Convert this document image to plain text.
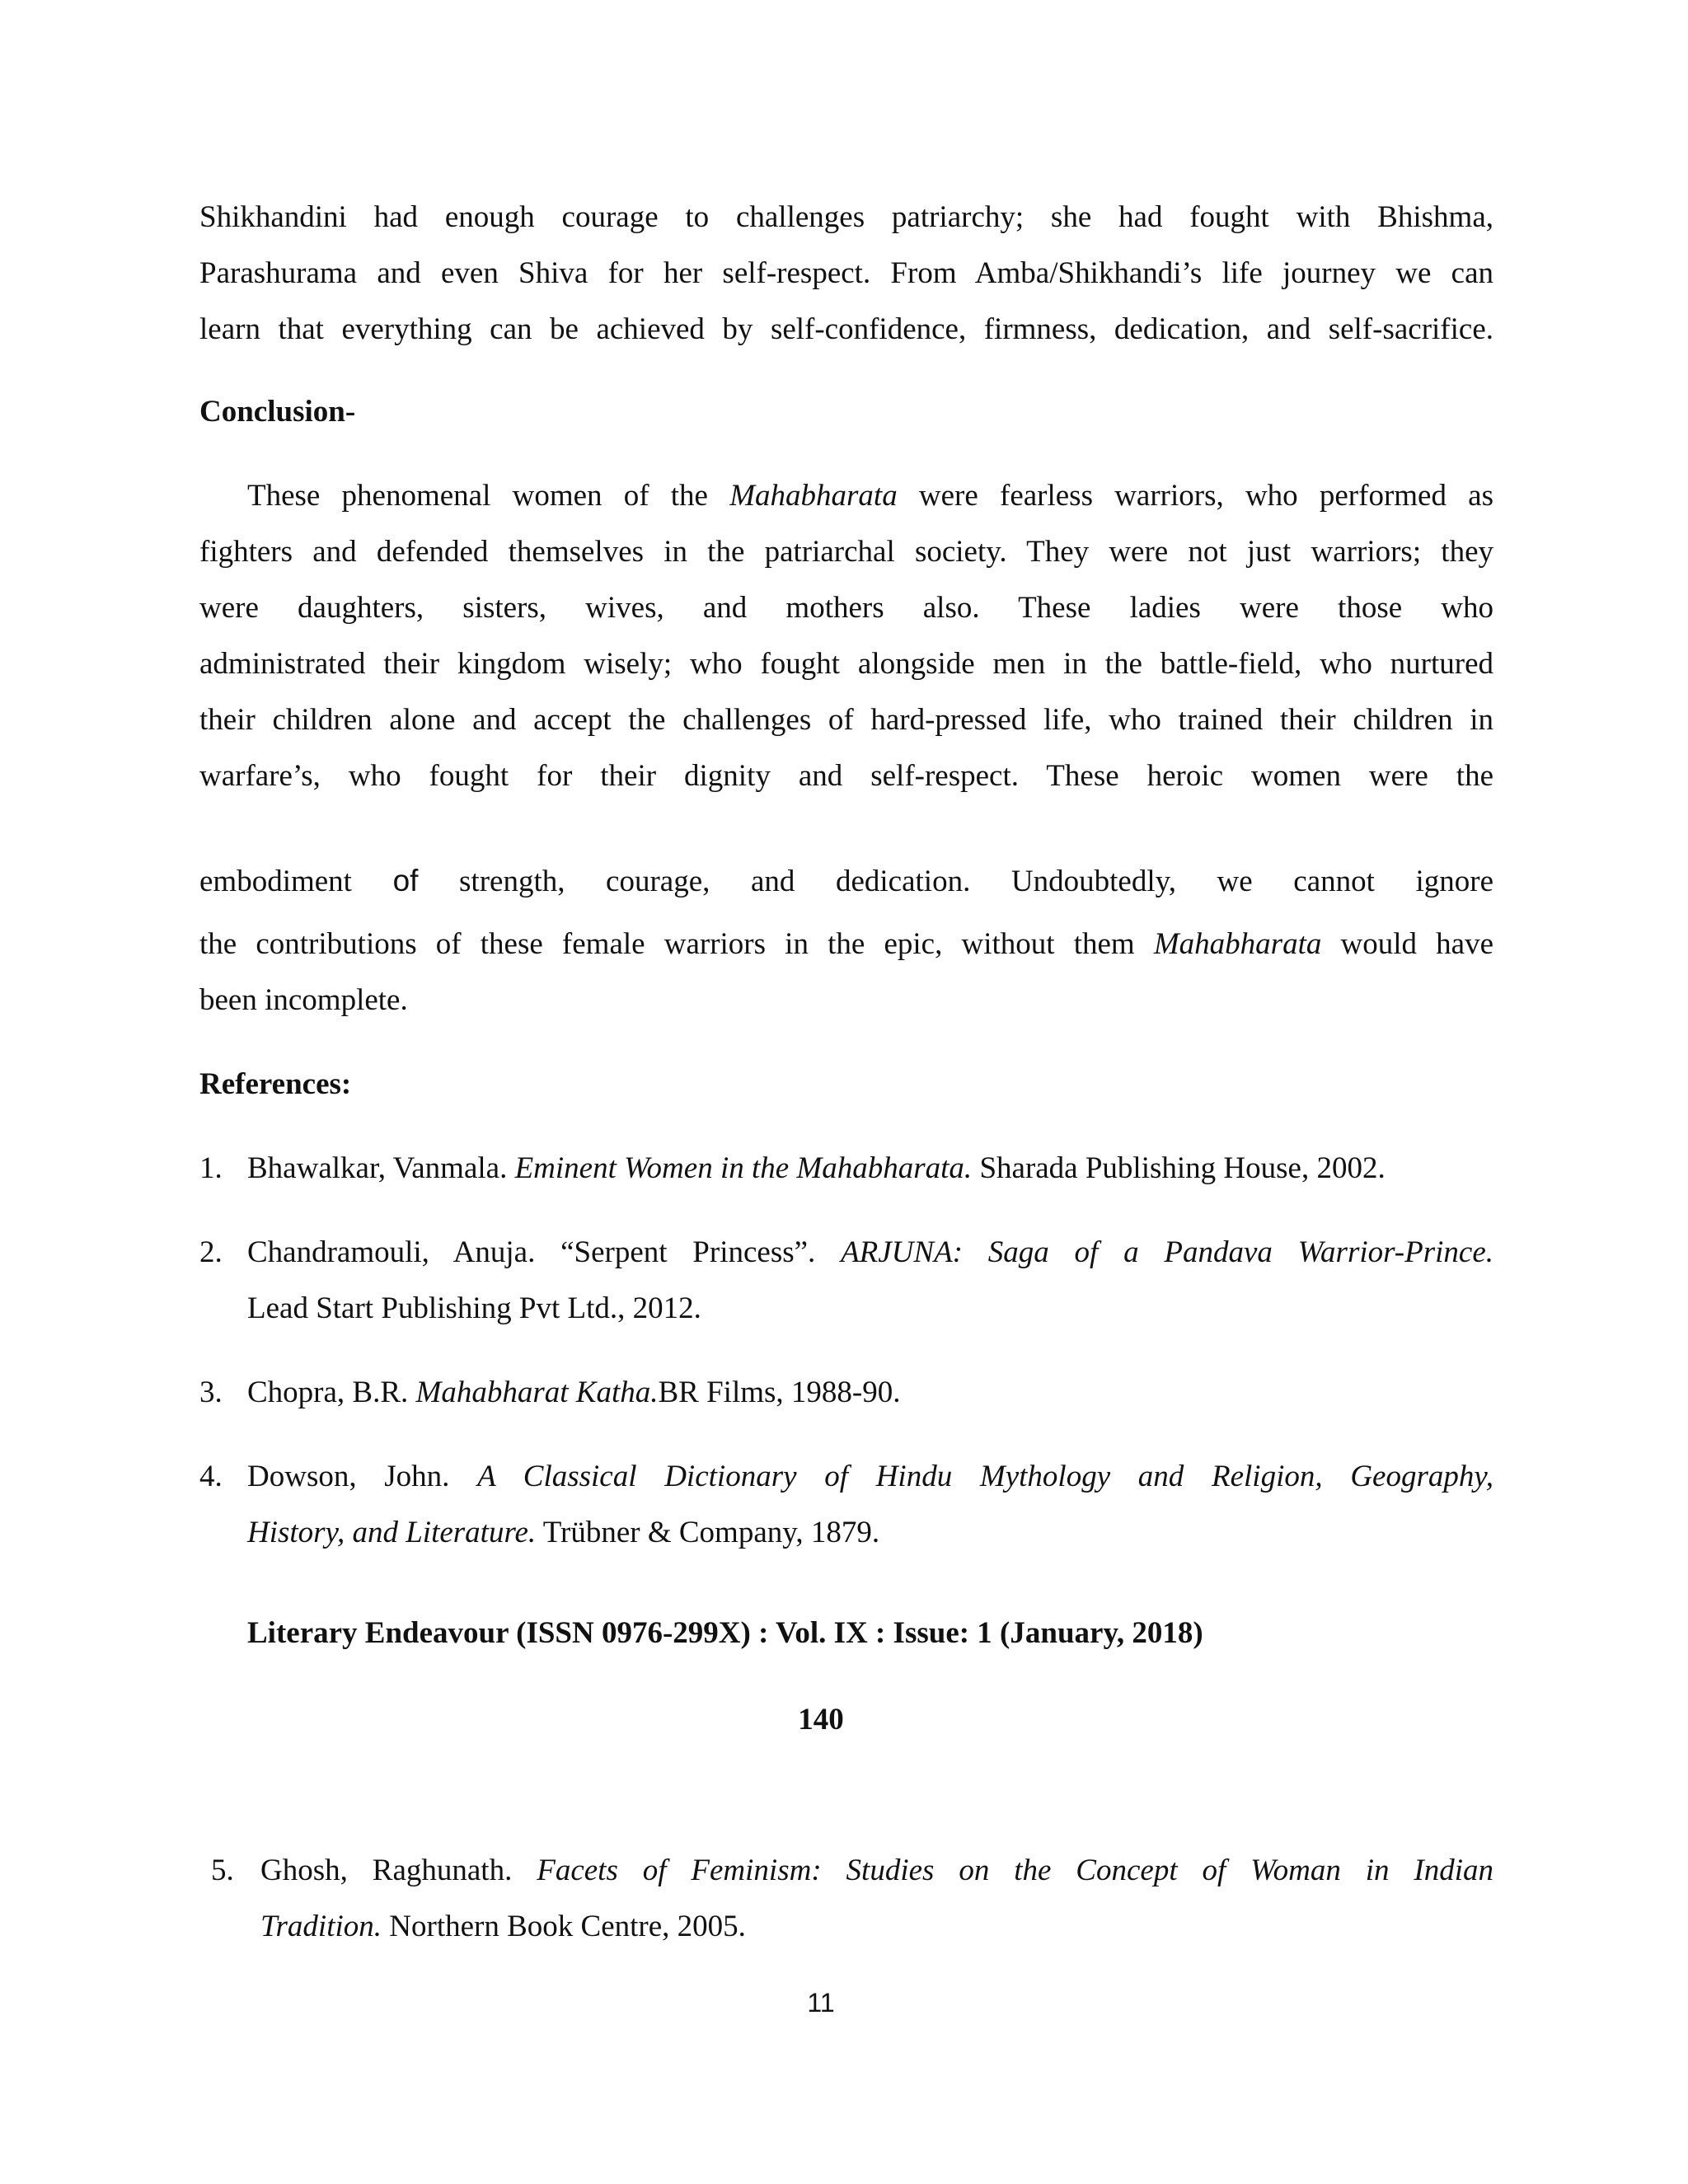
Shikhandini had enough courage to challenges patriarchy; she had fought with Bhishma,
Parashurama and even Shiva for her self-respect. From Amba/Shikhandi’s life journey we can
learn that everything can be achieved by self-confidence, firmness, dedication, and self-sacrifice.
Conclusion-
These phenomenal women of the Mahabharata were fearless warriors, who performed as
fighters and defended themselves in the patriarchal society. They were not just warriors; they
were daughters, sisters, wives, and mothers also. These ladies were those who
administrated their kingdom wisely; who fought alongside men in the battle-field, who nurtured
their children alone and accept the challenges of hard-pressed life, who trained their children in
warfare’s, who fought for their dignity and self-respect. These heroic women were the
embodiment of strength, courage, and dedication. Undoubtedly, we cannot ignore
the contributions of these female warriors in the epic, without them Mahabharata would have
been incomplete.
References:
1. Bhawalkar, Vanmala. Eminent Women in the Mahabharata. Sharada Publishing House, 2002.
2. Chandramouli, Anuja. “Serpent Princess”. ARJUNA: Saga of a Pandava Warrior-Prince.
Lead Start Publishing Pvt Ltd., 2012.
3. Chopra, B.R. Mahabharat Katha.BR Films, 1988-90.
4. Dowson, John. A Classical Dictionary of Hindu Mythology and Religion, Geography,
History, and Literature. Trübner & Company, 1879.
Literary Endeavour (ISSN 0976-299X) : Vol. IX : Issue: 1 (January, 2018)
140
5. Ghosh, Raghunath. Facets of Feminism: Studies on the Concept of Woman in Indian
Tradition. Northern Book Centre, 2005.
11
